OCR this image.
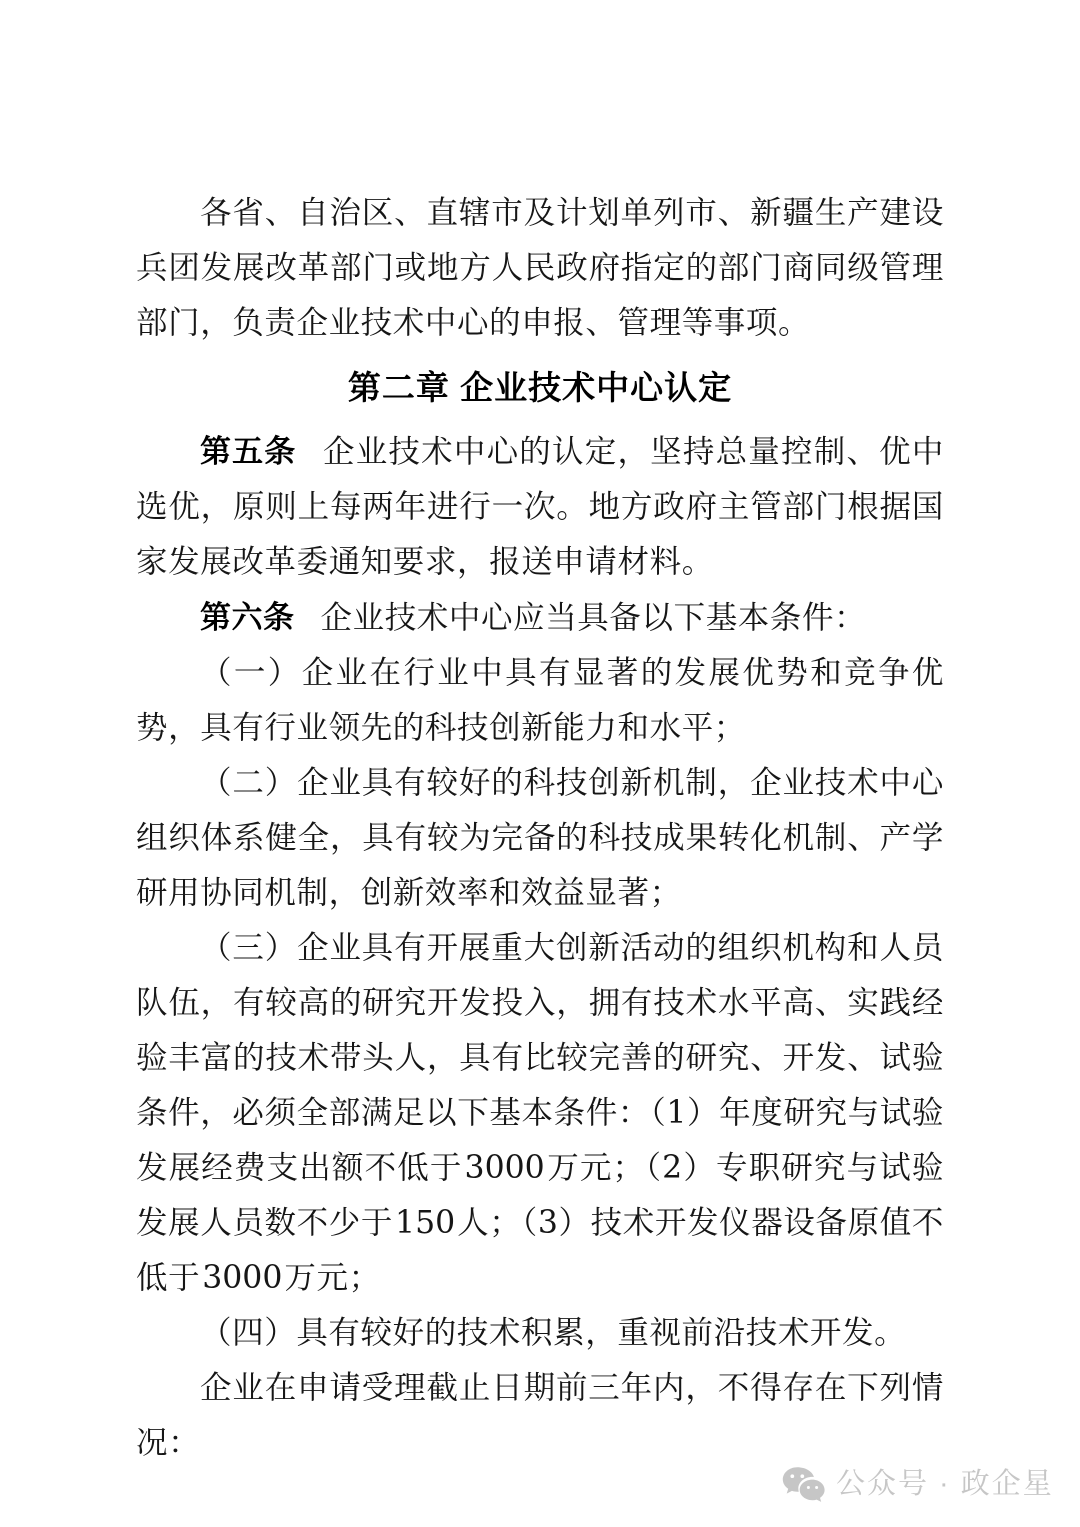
各省、自治区、直辖市及计划单列市、新疆生产建设兵团发展改革部门或地方人民政府指定的部门商同级管理部门，负责企业技术中心的申报、管理等事项。

第二章 企业技术中心认定

第五条 企业技术中心的认定，坚持总量控制、优中选优，原则上每两年进行一次。地方政府主管部门根据国家发展改革委通知要求，报送申请材料。

第六条 企业技术中心应当具备以下基本条件：

（一）企业在行业中具有显著的发展优势和竞争优势，具有行业领先的科技创新能力和水平；

（二）企业具有较好的科技创新机制，企业技术中心组织体系健全，具有较为完备的科技成果转化机制、产学研用协同机制，创新效率和效益显著；

（三）企业具有开展重大创新活动的组织机构和人员队伍，有较高的研究开发投入，拥有技术水平高、实践经验丰富的技术带头人，具有比较完善的研究、开发、试验条件，必须全部满足以下基本条件：（1）年度研究与试验发展经费支出额不低于3000万元；（2）专职研究与试验发展人员数不少于150人；（3）技术开发仪器设备原值不低于3000万元；

（四）具有较好的技术积累，重视前沿技术开发。

企业在申请受理截止日期前三年内，不得存在下列情况：

公众号 · 政企星
